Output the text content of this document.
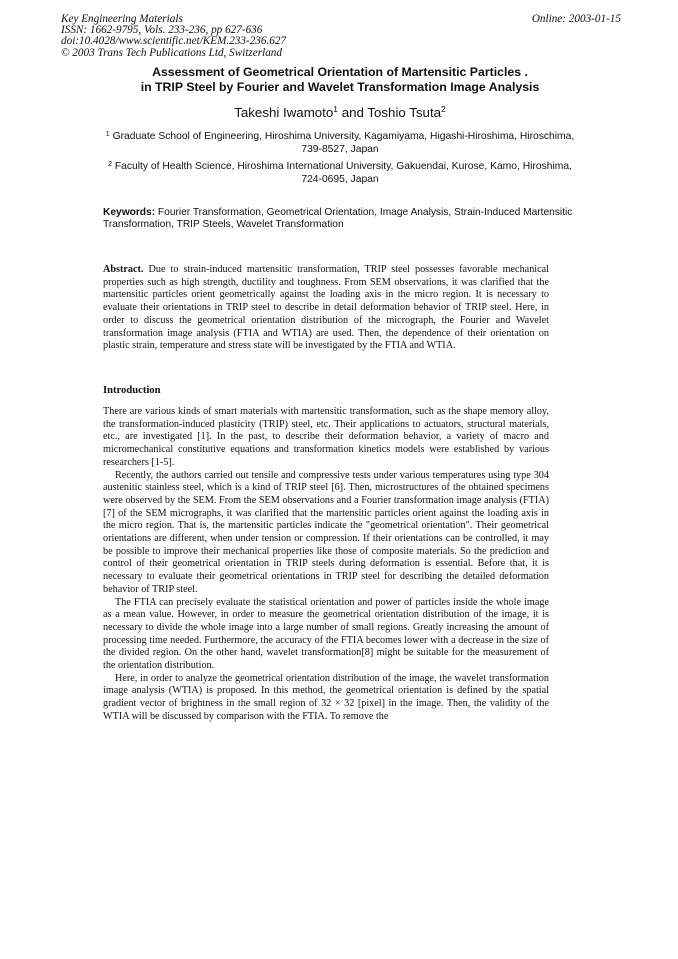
Key Engineering Materials	Online: 2003-01-15
ISSN: 1662-9795, Vols. 233-236, pp 627-636
doi:10.4028/www.scientific.net/KEM.233-236.627
© 2003 Trans Tech Publications Ltd, Switzerland
Assessment of Geometrical Orientation of Martensitic Particles .
in TRIP Steel by Fourier and Wavelet Transformation Image Analysis
Takeshi Iwamoto$^1$ and Toshio Tsuta$^2$
$^1$ Graduate School of Engineering, Hiroshima University, Kagamiyama, Higashi-Hiroshima, Hiroschima, 739-8527, Japan
$^2$ Faculty of Health Science, Hiroshima International University, Gakuendai, Kurose, Kamo, Hiroshima, 724-0695, Japan
Keywords: Fourier Transformation, Geometrical Orientation, Image Analysis, Strain-Induced Martensitic Transformation, TRIP Steels, Wavelet Transformation
Abstract. Due to strain-induced martensitic transformation, TRIP steel possesses favorable mechanical properties such as high strength, ductility and toughness. From SEM observations, it was clarified that the martensitic particles orient geometrically against the loading axis in the micro region. It is necessary to evaluate their orientations in TRIP steel to describe in detail deformation behavior of TRIP steel. Here, in order to discuss the geometrical orientation distribution of the micrograph, the Fourier and Wavelet transformation image analysis (FTIA and WTIA) are used. Then, the dependence of their orientation on plastic strain, temperature and stress state will be investigated by the FTIA and WTIA.
Introduction

There are various kinds of smart materials with martensitic transformation, such as the shape memory alloy, the transformation-induced plasticity (TRIP) steel, etc. Their applications to actuators, structural materials, etc., are investigated [1]. In the past, to describe their deformation behavior, a variety of macro and micromechanical constitutive equations and transformation kinetics models were established by various researchers [1-5].

Recently, the authors carried out tensile and compressive tests under various temperatures using type 304 austenitic stainless steel, which is a kind of TRIP steel [6]. Then, microstructures of the obtained specimens were observed by the SEM. From the SEM observations and a Fourier transformation image analysis (FTIA) [7] of the SEM micrographs, it was clarified that the martensitic particles orient against the loading axis in the micro region. That is, the martensitic particles indicate the "geometrical orientation". Their geometrical orientations are different, when under tension or compression. If their orientations can be controlled, it may be possible to improve their mechanical properties like those of composite materials. So the prediction and control of their geometrical orientation in TRIP steels during deformation is essential. Before that, it is necessary to evaluate their geometrical orientations in TRIP steel for describing the detailed deformation behavior of TRIP steel.

The FTIA can precisely evaluate the statistical orientation and power of particles inside the whole image as a mean value. However, in order to measure the geometrical orientation distribution of the image, it is necessary to divide the whole image into a large number of small regions. Greatly increasing the amount of processing time needed. Furthermore, the accuracy of the FTIA becomes lower with a decrease in the size of the divided region. On the other hand, wavelet transformation[8] might be suitable for the measurement of the orientation distribution.

Here, in order to analyze the geometrical orientation distribution of the image, the wavelet transformation image analysis (WTIA) is proposed. In this method, the geometrical orientation is defined by the spatial gradient vector of brightness in the small region of 32 × 32 [pixel] in the image. Then, the validity of the WTIA will be discussed by comparison with the FTIA. To remove the
